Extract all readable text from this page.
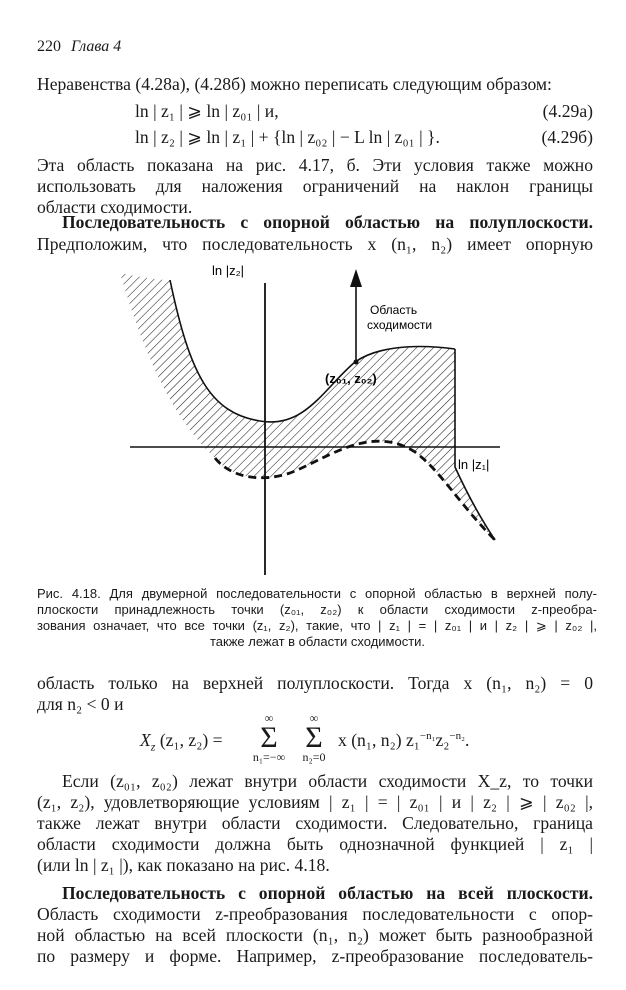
220 Глава 4
Неравенства (4.28а), (4.28б) можно переписать следующим образом:
ln | z₁ | ⩾ ln | z₀₁ | и,	(4.29а)
ln | z₂ | ⩾ ln | z₁ | + {ln | z₀₂ | − L ln | z₀₁ | }.	(4.29б)
Эта область показана на рис. 4.17, б. Эти условия также можно
использовать для наложения ограничений на наклон границы
области сходимости.
Последовательность с опорной областью на полуплоскости.
Предположим, что последовательность x (n₁, n₂) имеет опорную
ln |z₂|
ln |z₁|
Область
сходимости
(z₀₁, z₀₂)
Рис. 4.18. Для двумерной последовательности с опорной областью в верхней полу-
плоскости принадлежность точки (z₀₁, z₀₂) к области сходимости z-преобра-
зования означает, что все точки (z₁, z₂), такие, что | z₁ | = | z₀₁ | и | z₂ | ⩾ | z₀₂ |,
также лежат в области сходимости.
область только на верхней полуплоскости. Тогда x (n₁, n₂) = 0
для n₂ < 0 и
$X_z$ (z₁, z₂) =
∞
Σ
n₁=−∞
∞
Σ
n₂=0
x (n₁, n₂) z₁$^{-n_1}$z₂$^{-n_2}$.
Если (z₀₁, z₀₂) лежат внутри области сходимости X_z, то точки
(z₁, z₂), удовлетворяющие условиям | z₁ | = | z₀₁ | и | z₂ | ⩾ | z₀₂ |,
также лежат внутри области сходимости. Следовательно, граница
области сходимости должна быть однозначной функцией | z₁ |
(или ln | z₁ |), как показано на рис. 4.18.
Последовательность с опорной областью на всей плоскости.
Область сходимости z-преобразования последовательности с опор-
ной областью на всей плоскости (n₁, n₂) может быть разнообразной
по размеру и форме. Например, z-преобразование последователь-
